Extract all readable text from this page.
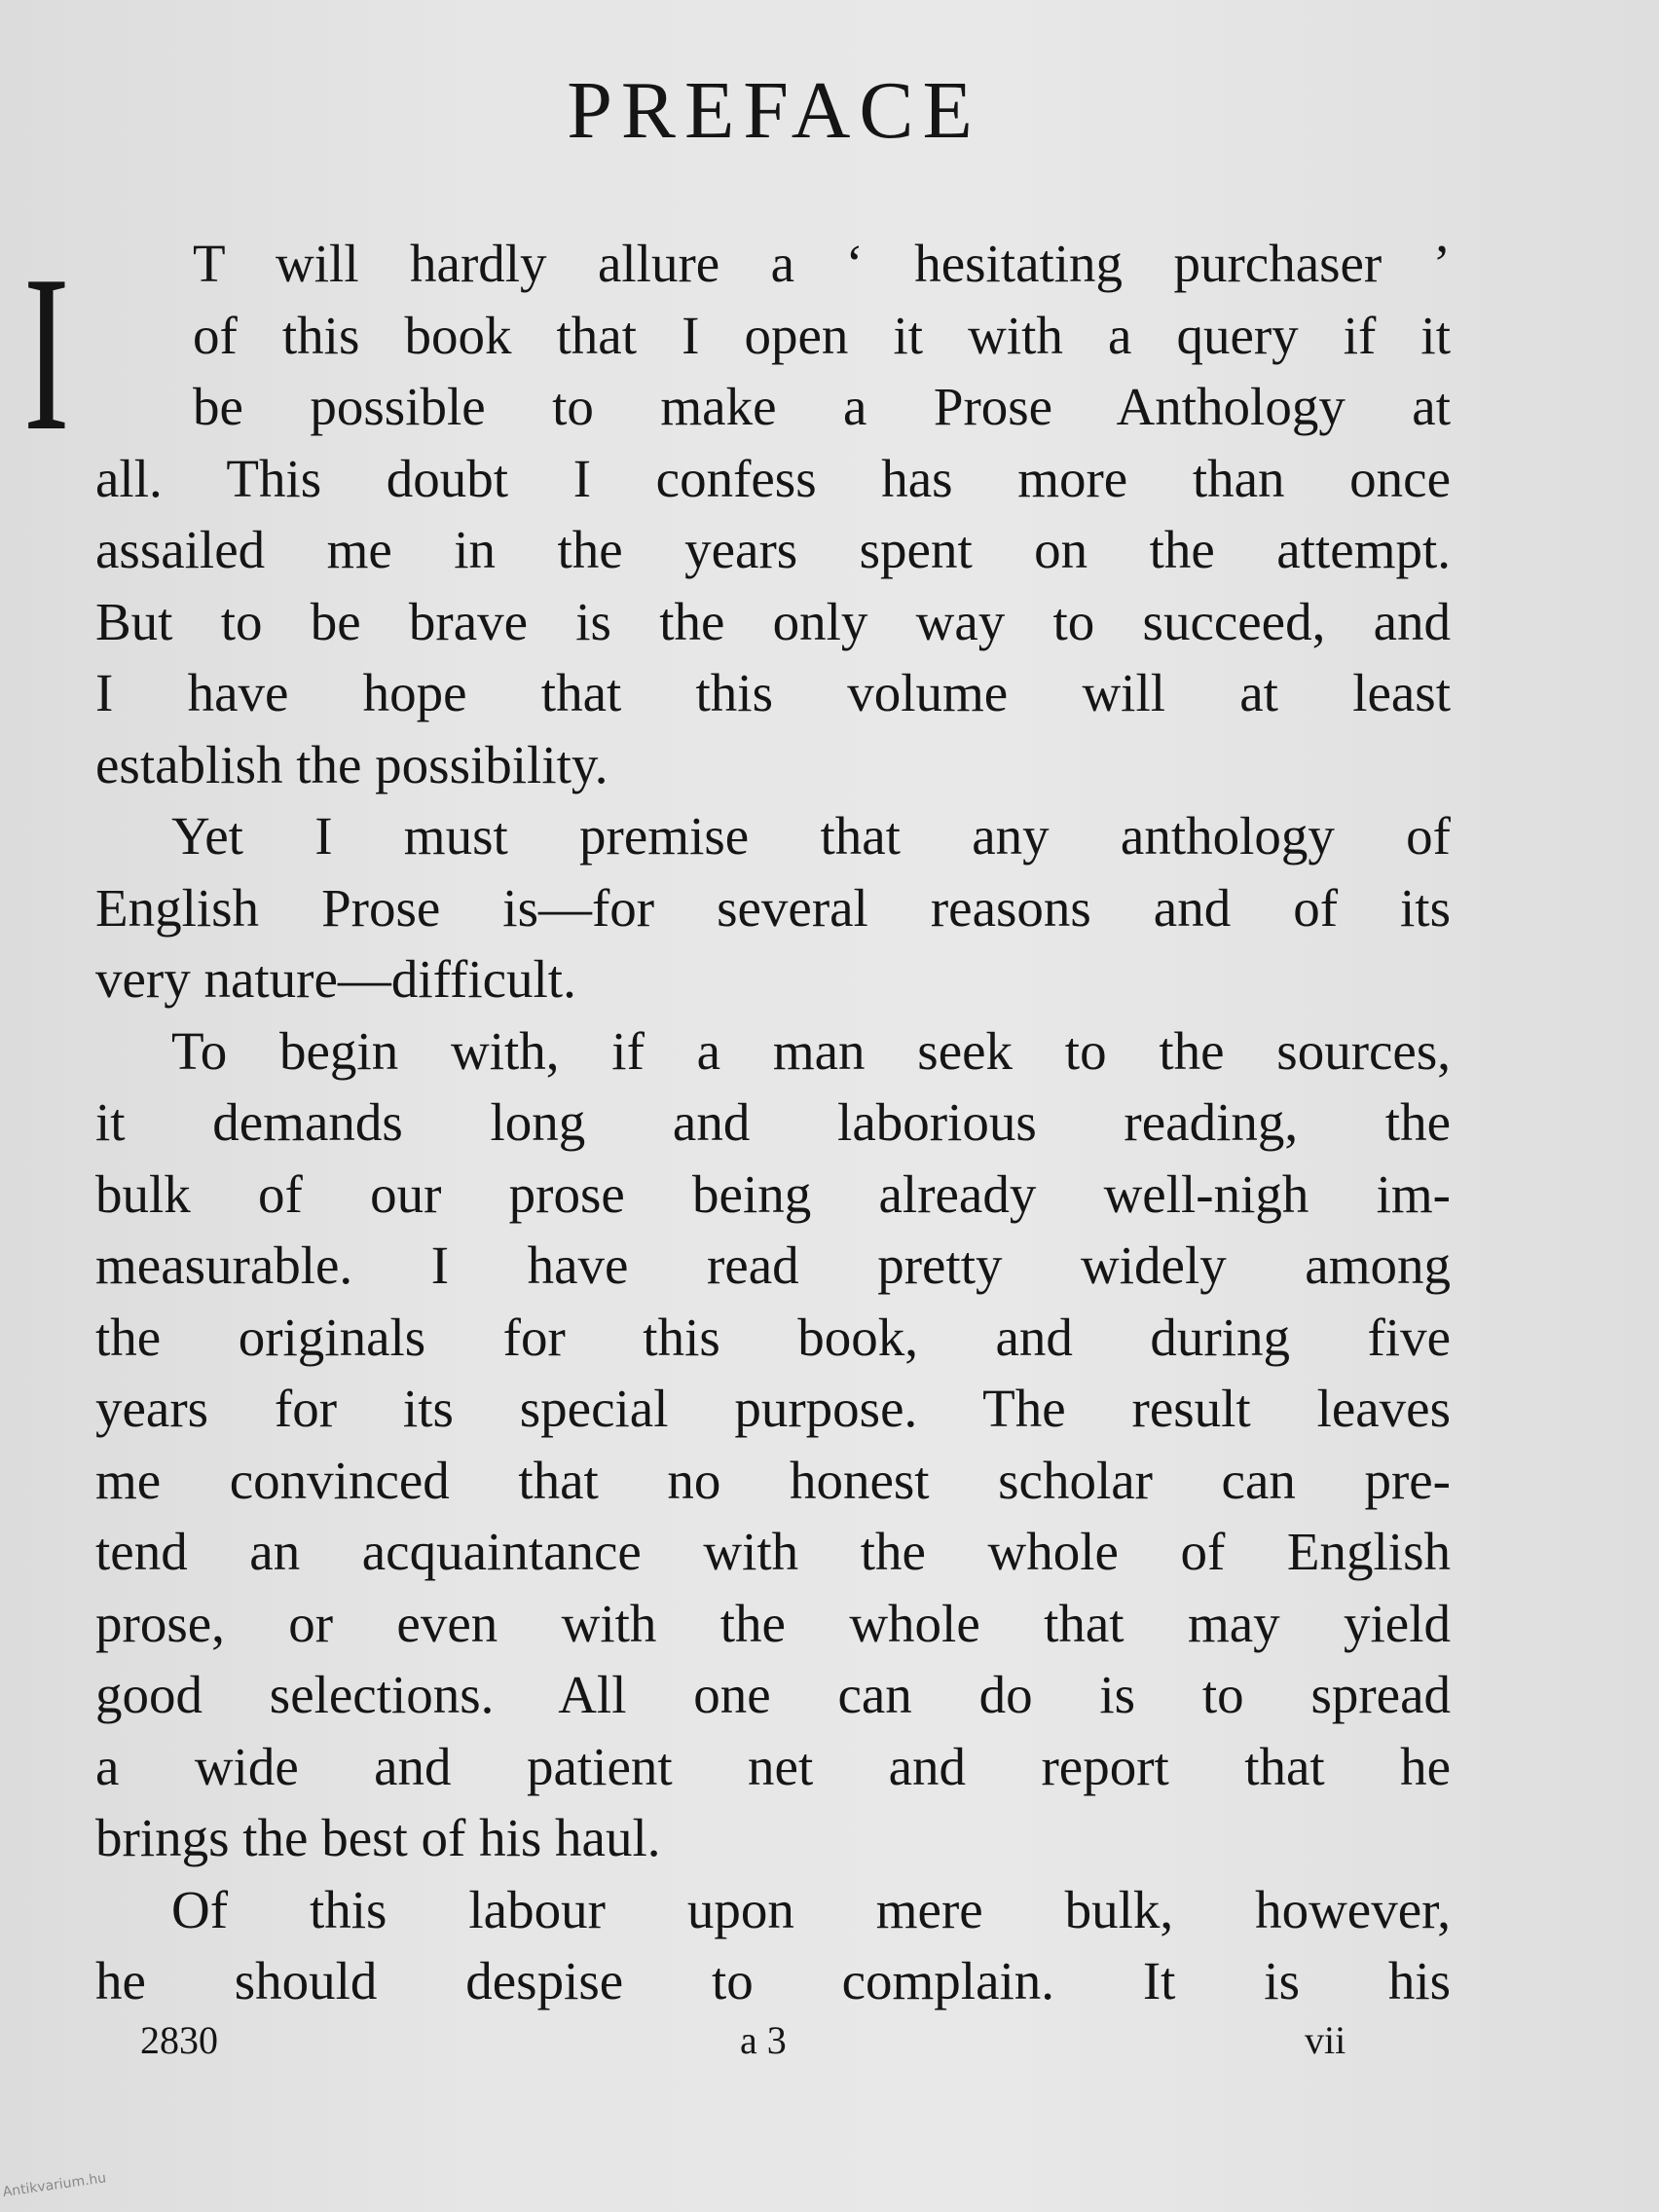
PREFACE
I	T will hardly allure a ‘ hesitating purchaser ’
of this book that I open it with a query if it
be possible to make a Prose Anthology at
all. This doubt I confess has more than once
assailed me in the years spent on the attempt.
But to be brave is the only way to succeed, and
I have hope that this volume will at least
establish the possibility.
Yet I must premise that any anthology of
English Prose is—for several reasons and of its
very nature—difficult.
To begin with, if a man seek to the sources,
it demands long and laborious reading, the
bulk of our prose being already well-nigh im-
measurable. I have read pretty widely among
the originals for this book, and during five
years for its special purpose. The result leaves
me convinced that no honest scholar can pre-
tend an acquaintance with the whole of English
prose, or even with the whole that may yield
good selections. All one can do is to spread
a wide and patient net and report that he
brings the best of his haul.
Of this labour upon mere bulk, however,
he should despise to complain. It is his
2830	a 3	vii
Antikvarium.hu
